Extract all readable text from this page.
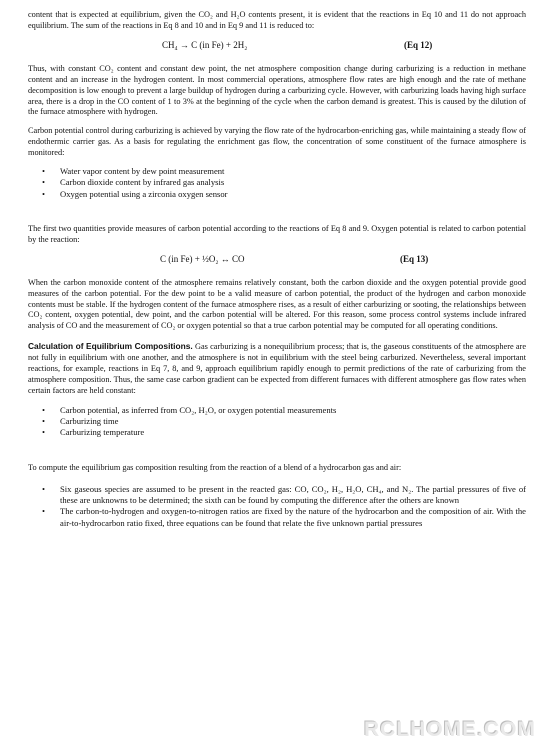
content that is expected at equilibrium, given the CO₂ and H₂O contents present, it is evident that the reactions in Eq 10 and 11 do not approach equilibrium. The sum of the reactions in Eq 8 and 10 and in Eq 9 and 11 is reduced to:

CH₄ → C (in Fe) + 2H₂	(Eq 12)

Thus, with constant CO₂ content and constant dew point, the net atmosphere composition change during carburizing is a reduction in methane content and an increase in the hydrogen content. In most commercial operations, atmosphere flow rates are high enough and the rate of methane decomposition is low enough to prevent a large buildup of hydrogen during a carburizing cycle. However, with carburizing loads having high surface area, there is a drop in the CO content of 1 to 3% at the beginning of the cycle when the carbon demand is greatest. This is caused by the dilution of the furnace atmosphere with hydrogen.

Carbon potential control during carburizing is achieved by varying the flow rate of the hydrocarbon-enriching gas, while maintaining a steady flow of endothermic carrier gas. As a basis for regulating the enrichment gas flow, the concentration of some constituent of the furnace atmosphere is monitored:

• Water vapor content by dew point measurement
• Carbon dioxide content by infrared gas analysis
• Oxygen potential using a zirconia oxygen sensor

The first two quantities provide measures of carbon potential according to the reactions of Eq 8 and 9. Oxygen potential is related to carbon potential by the reaction:

C (in Fe) + ½O₂ ↔ CO	(Eq 13)

When the carbon monoxide content of the atmosphere remains relatively constant, both the carbon dioxide and the oxygen potential provide good measures of the carbon potential. For the dew point to be a valid measure of carbon potential, the product of the hydrogen and carbon monoxide contents must be stable. If the hydrogen content of the furnace atmosphere rises, as a result of either carburizing or sooting, the relationships between CO₂ content, oxygen potential, dew point, and the carbon potential will be altered. For this reason, some process control systems include infrared analysis of CO and the measurement of CO₂ or oxygen potential so that a true carbon potential may be computed for all operating conditions.

Calculation of Equilibrium Compositions. Gas carburizing is a nonequilibrium process; that is, the gaseous constituents of the atmosphere are not fully in equilibrium with one another, and the atmosphere is not in equilibrium with the steel being carburized. Nevertheless, several important reactions, for example, reactions in Eq 7, 8, and 9, approach equilibrium rapidly enough to permit predictions of the rate of carburizing from the atmosphere composition. Thus, the same case carbon gradient can be expected from different furnaces with different atmosphere gas flow rates when certain factors are held constant:

• Carbon potential, as inferred from CO₂, H₂O, or oxygen potential measurements
• Carburizing time
• Carburizing temperature

To compute the equilibrium gas composition resulting from the reaction of a blend of a hydrocarbon gas and air:

• Six gaseous species are assumed to be present in the reacted gas: CO, CO₂, H₂, H₂O, CH₄, and N₂. The partial pressures of five of these are unknowns to be determined; the sixth can be found by computing the difference after the others are known
• The carbon-to-hydrogen and oxygen-to-nitrogen ratios are fixed by the nature of the hydrocarbon and the composition of air. With the air-to-hydrocarbon ratio fixed, three equations can be found that relate the five unknown partial pressures
RCLHOME.COM
